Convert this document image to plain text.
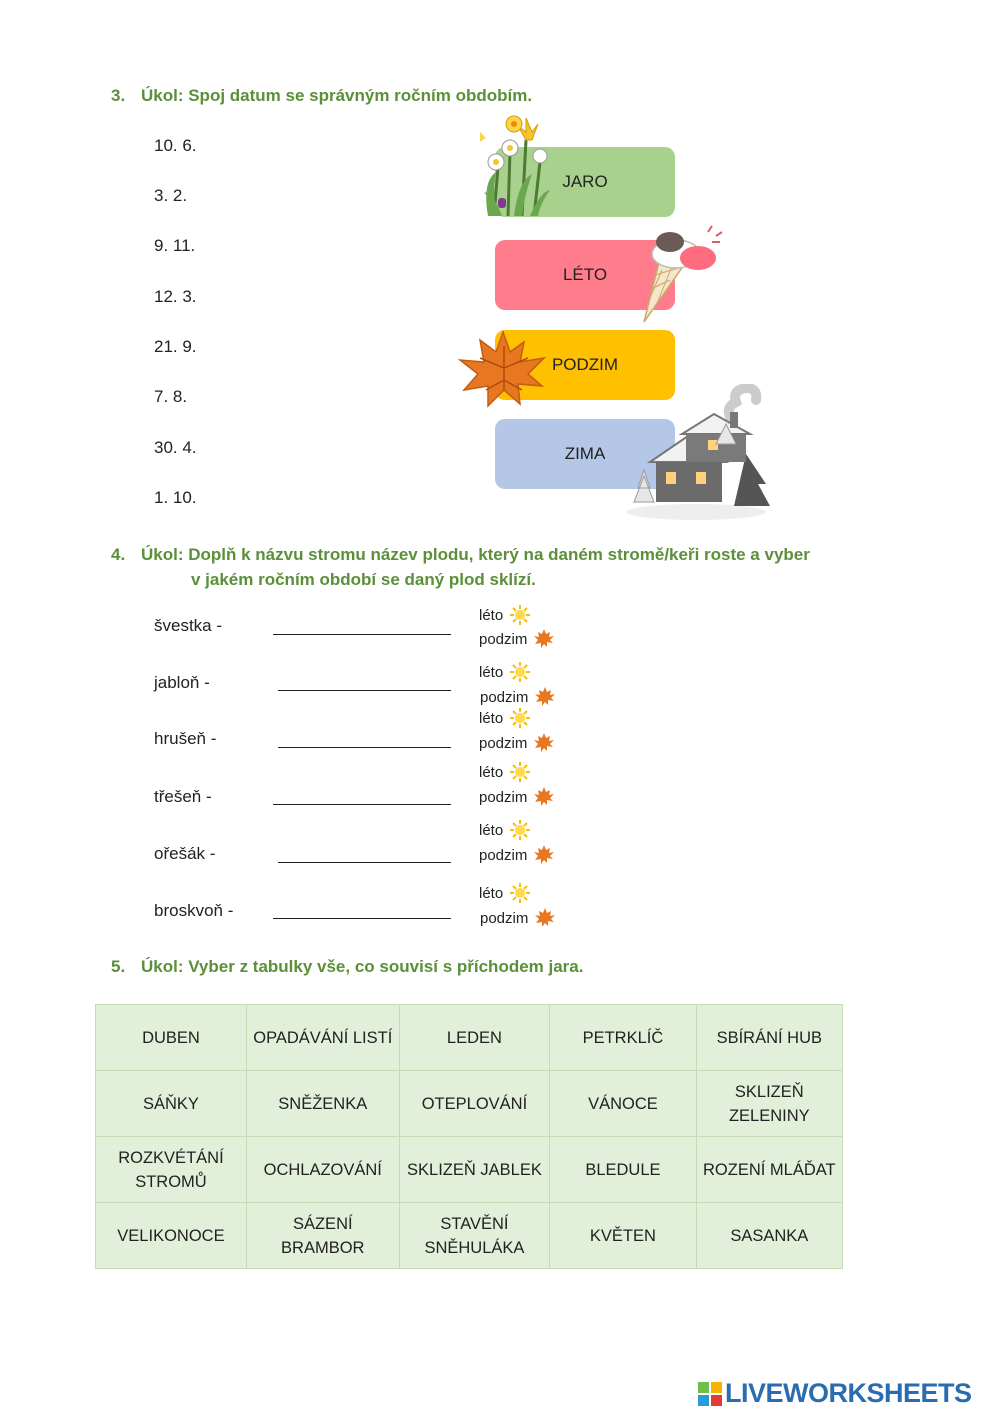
3. Úkol: Spoj datum se správným ročním obdobím.
10. 6.
3. 2.
9. 11.
12. 3.
21. 9.
7. 8.
30. 4.
1. 10.
JARO
LÉTO
PODZIM
ZIMA
4. Úkol: Doplň k názvu stromu název plodu, který na daném stromě/keři roste a vyber
v jakém ročním období se daný plod sklízí.
švestka -
jabloň -
hrušeň -
třešeň -
ořešák -
broskvoň -
léto
podzim
léto
podzim
léto
podzim
léto
podzim
léto
podzim
léto
podzim
5. Úkol: Vyber z tabulky vše, co souvisí s příchodem jara.
DUBEN	OPADÁVÁNÍ LISTÍ	LEDEN	PETRKLÍČ	SBÍRÁNÍ HUB
SÁŇKY	SNĚŽENKA	OTEPLOVÁNÍ	VÁNOCE	SKLIZEŇ ZELENINY
ROZKVÉTÁNÍ STROMŮ	OCHLAZOVÁNÍ	SKLIZEŇ JABLEK	BLEDULE	ROZENÍ MLÁĎAT
VELIKONOCE	SÁZENÍ BRAMBOR	STAVĚNÍ SNĚHULÁKA	KVĚTEN	SASANKA
LIVEWORKSHEETS
